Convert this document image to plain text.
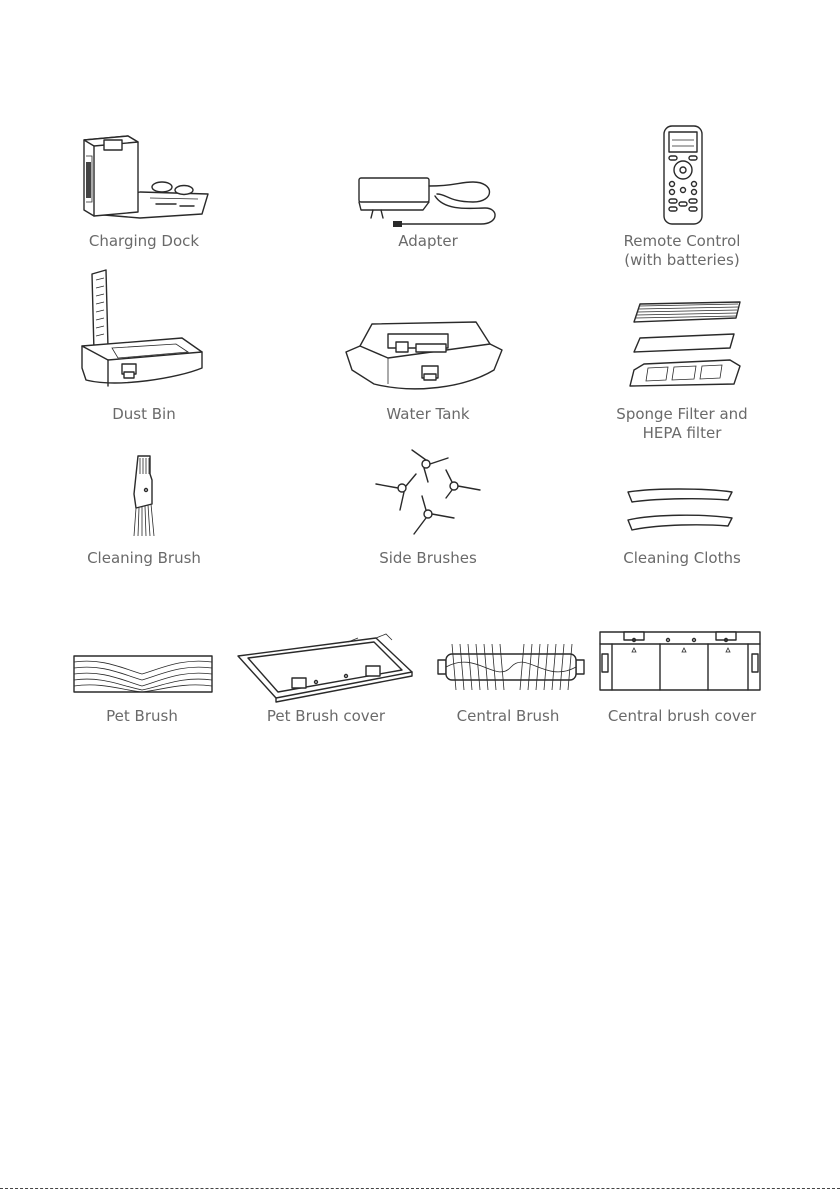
Charging Dock	Adapter	Remote Control
(with batteries)
Dust Bin	Water Tank	Sponge Filter and
HEPA filter
Cleaning Brush	Side Brushes	Cleaning Cloths
Pet Brush	Pet Brush cover	Central Brush	Central brush cover
